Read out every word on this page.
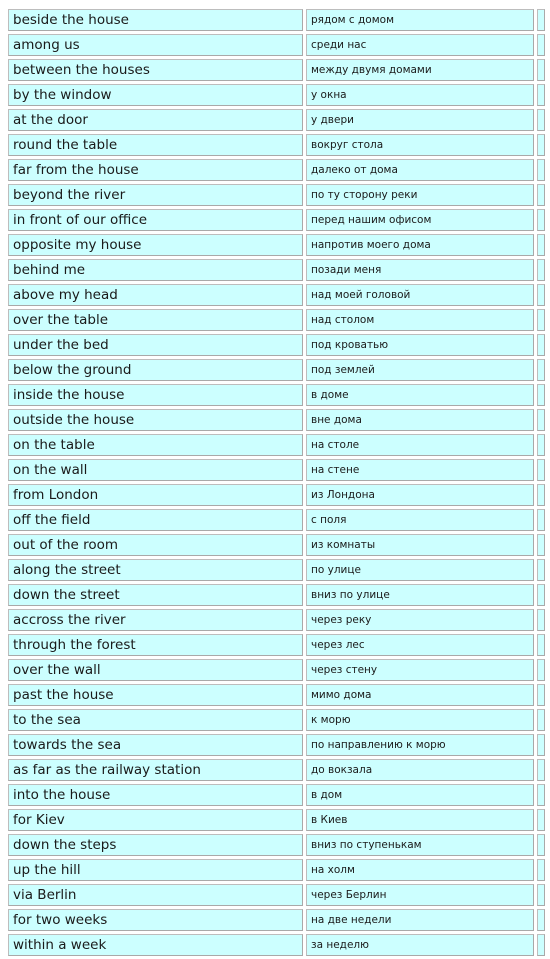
beside the house	рядом с домом	
among us	среди нас	
between the houses	между двумя домами	
by the window	у окна	
at the door	у двери	
round the table	вокруг стола	
far from the house	далеко от дома	
beyond the river	по ту сторону реки	
in front of our office	перед нашим офисом	
opposite my house	напротив моего дома	
behind me	позади меня	
above my head	над моей головой	
over the table	над столом	
under the bed	под кроватью	
below the ground	под землей	
inside the house	в доме	
outside the house	вне дома	
on the table	на столе	
on the wall	на стене	
from London	из Лондона	
off the field	с поля	
out of the room	из комнаты	
along the street	по улице	
down the street	вниз по улице	
accross the river	через реку	
through the forest	через лес	
over the wall	через стену	
past the house	мимо дома	
to the sea	к морю	
towards the sea	по направлению к морю	
as far as the railway station	до вокзала	
into the house	в дом	
for Kiev	в Киев	
down the steps	вниз по ступенькам	
up the hill	на холм	
via Berlin	через Берлин	
for two weeks	на две недели	
within a week	за неделю	
